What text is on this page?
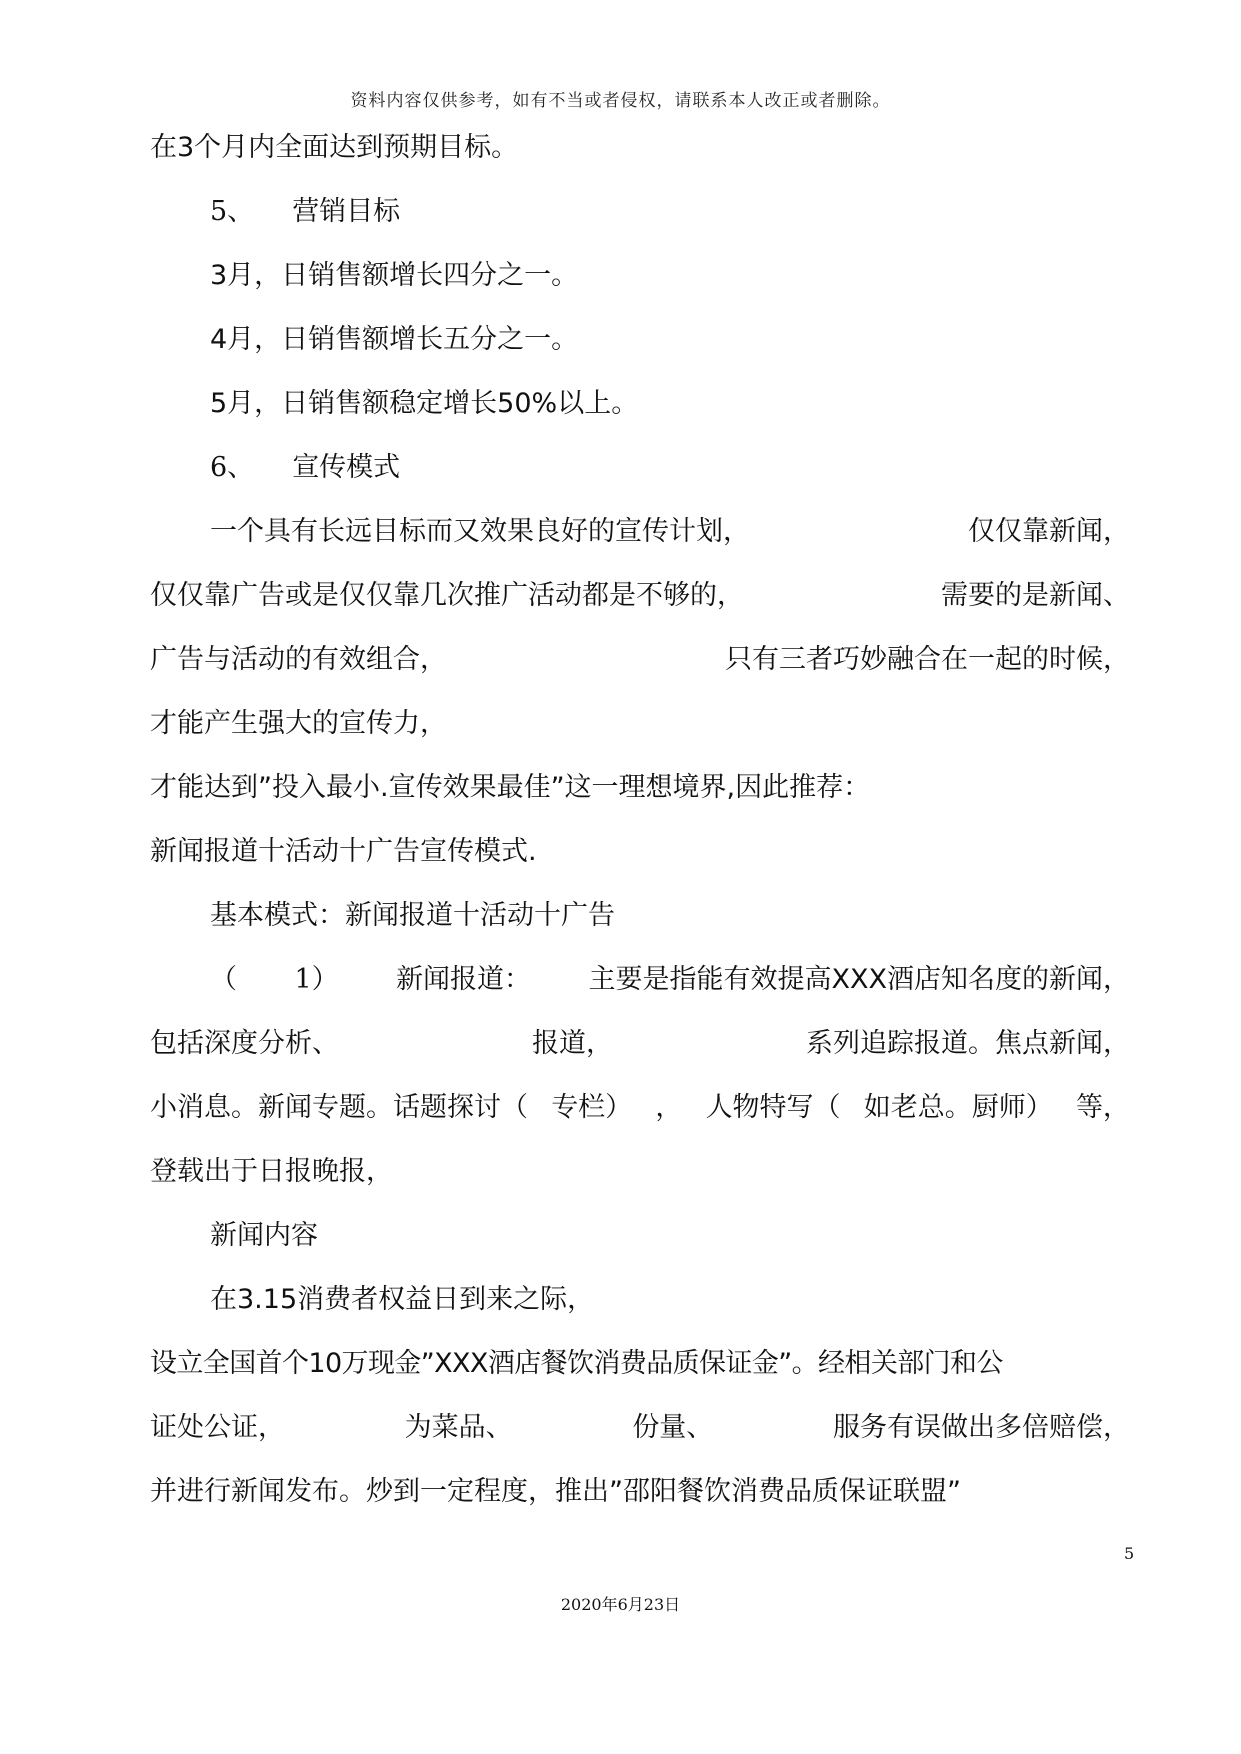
资料内容仅供参考，如有不当或者侵权，请联系本人改正或者删除。
在3个月内全面达到预期目标。
5、 营销目标
3月，日销售额增长四分之一。
4月，日销售额增长五分之一。
5月，日销售额稳定增长50%以上。
6、 宣传模式
一个具有长远目标而又效果良好的宣传计划，	仅仅靠新闻，
仅仅靠广告或是仅仅靠几次推广活动都是不够的，	需要的是新闻、
广告与活动的有效组合，	只有三者巧妙融合在一起的时候，
才能产生强大的宣传力，
才能达到”投入最小.宣传效果最佳”这一理想境界,因此推荐：
新闻报道十活动十广告宣传模式.
基本模式：新闻报道十活动十广告
（ 1） 新闻报道： 主要是指能有效提高XXX酒店知名度的新闻，
包括深度分析、	报道，	系列追踪报道。焦点新闻，
小消息。新闻专题。话题探讨（ 专栏） ， 人物特写（ 如老总。厨师） 等，
登载出于日报晚报，
新闻内容
在3.15消费者权益日到来之际，
设立全国首个10万现金”XXX酒店餐饮消费品质保证金”。经相关部门和公
证处公证，	为菜品、	份量、	服务有误做出多倍赔偿，
并进行新闻发布。炒到一定程度，推出”邵阳餐饮消费品质保证联盟”
5
2020年6月23日
